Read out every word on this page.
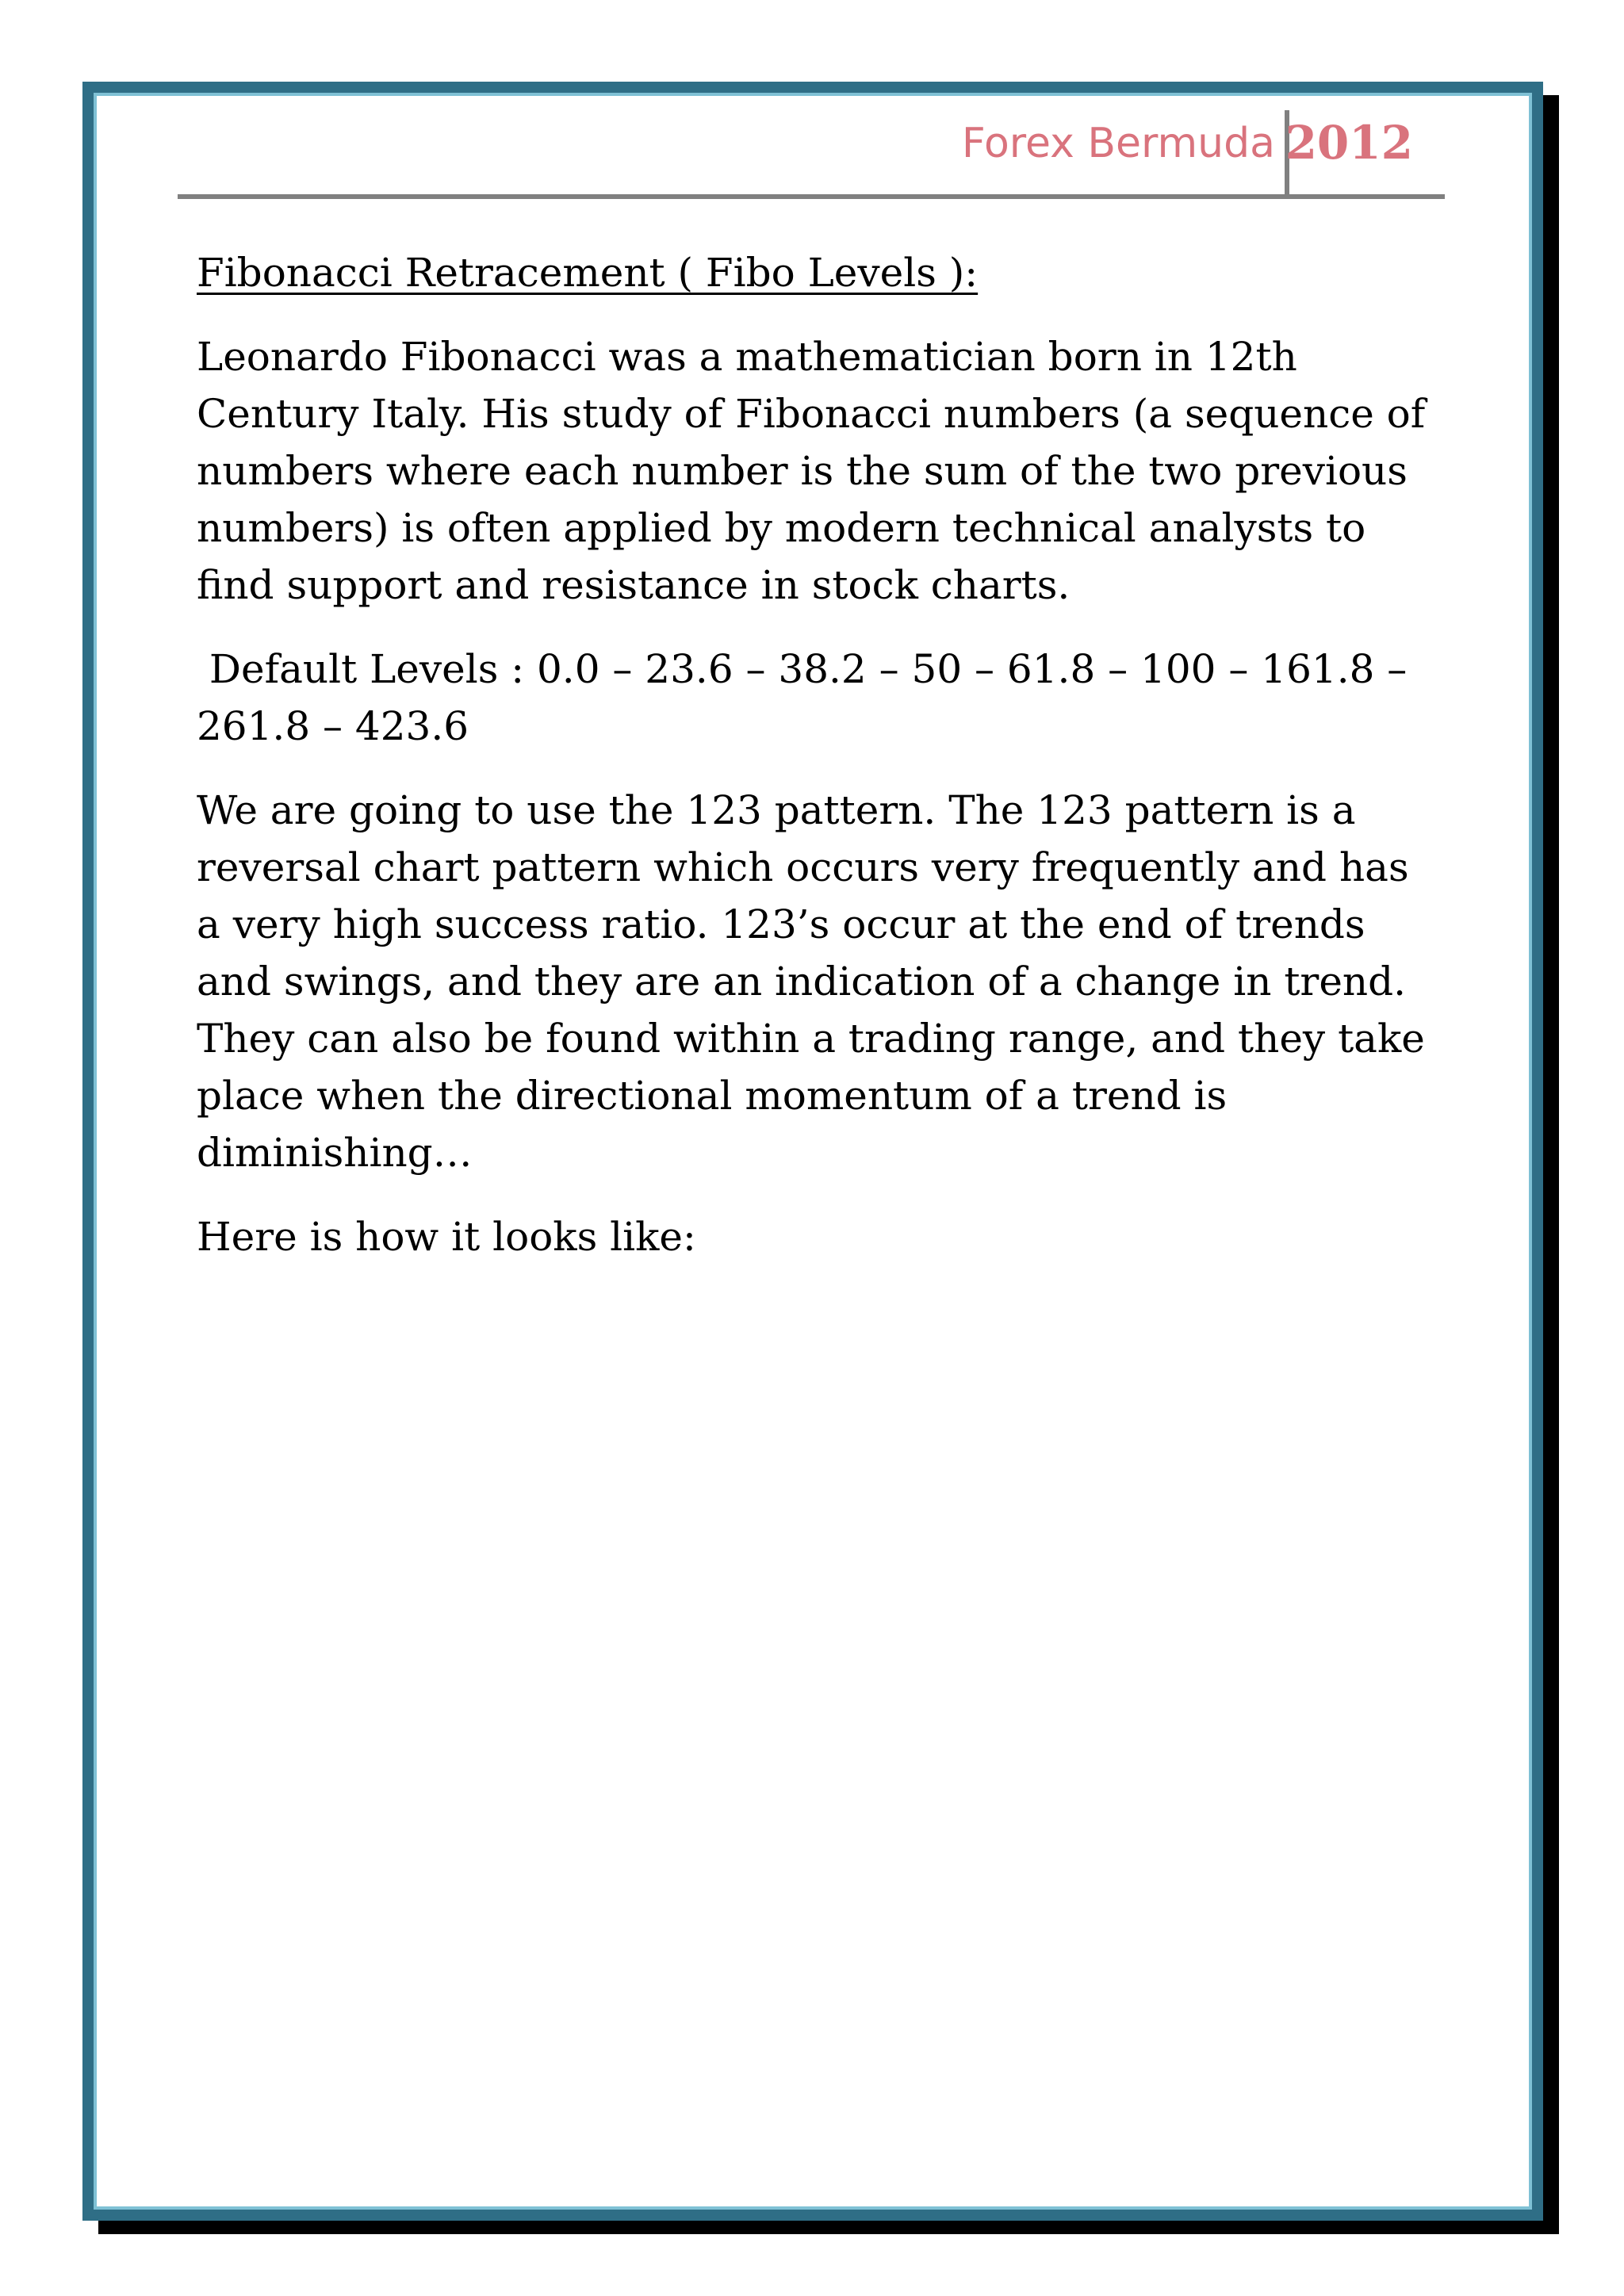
Forex Bermuda 2012

Fibonacci Retracement ( Fibo Levels ):

Leonardo Fibonacci was a mathematician born in 12th Century Italy. His study of Fibonacci numbers (a sequence of numbers where each number is the sum of the two previous numbers) is often applied by modern technical analysts to find support and resistance in stock charts.

Default Levels : 0.0 – 23.6 – 38.2 – 50 – 61.8 – 100 – 161.8 – 261.8 – 423.6

We are going to use the 123 pattern. The 123 pattern is a reversal chart pattern which occurs very frequently and has a very high success ratio. 123’s occur at the end of trends and swings, and they are an indication of a change in trend. They can also be found within a trading range, and they take place when the directional momentum of a trend is diminishing…

Here is how it looks like:
